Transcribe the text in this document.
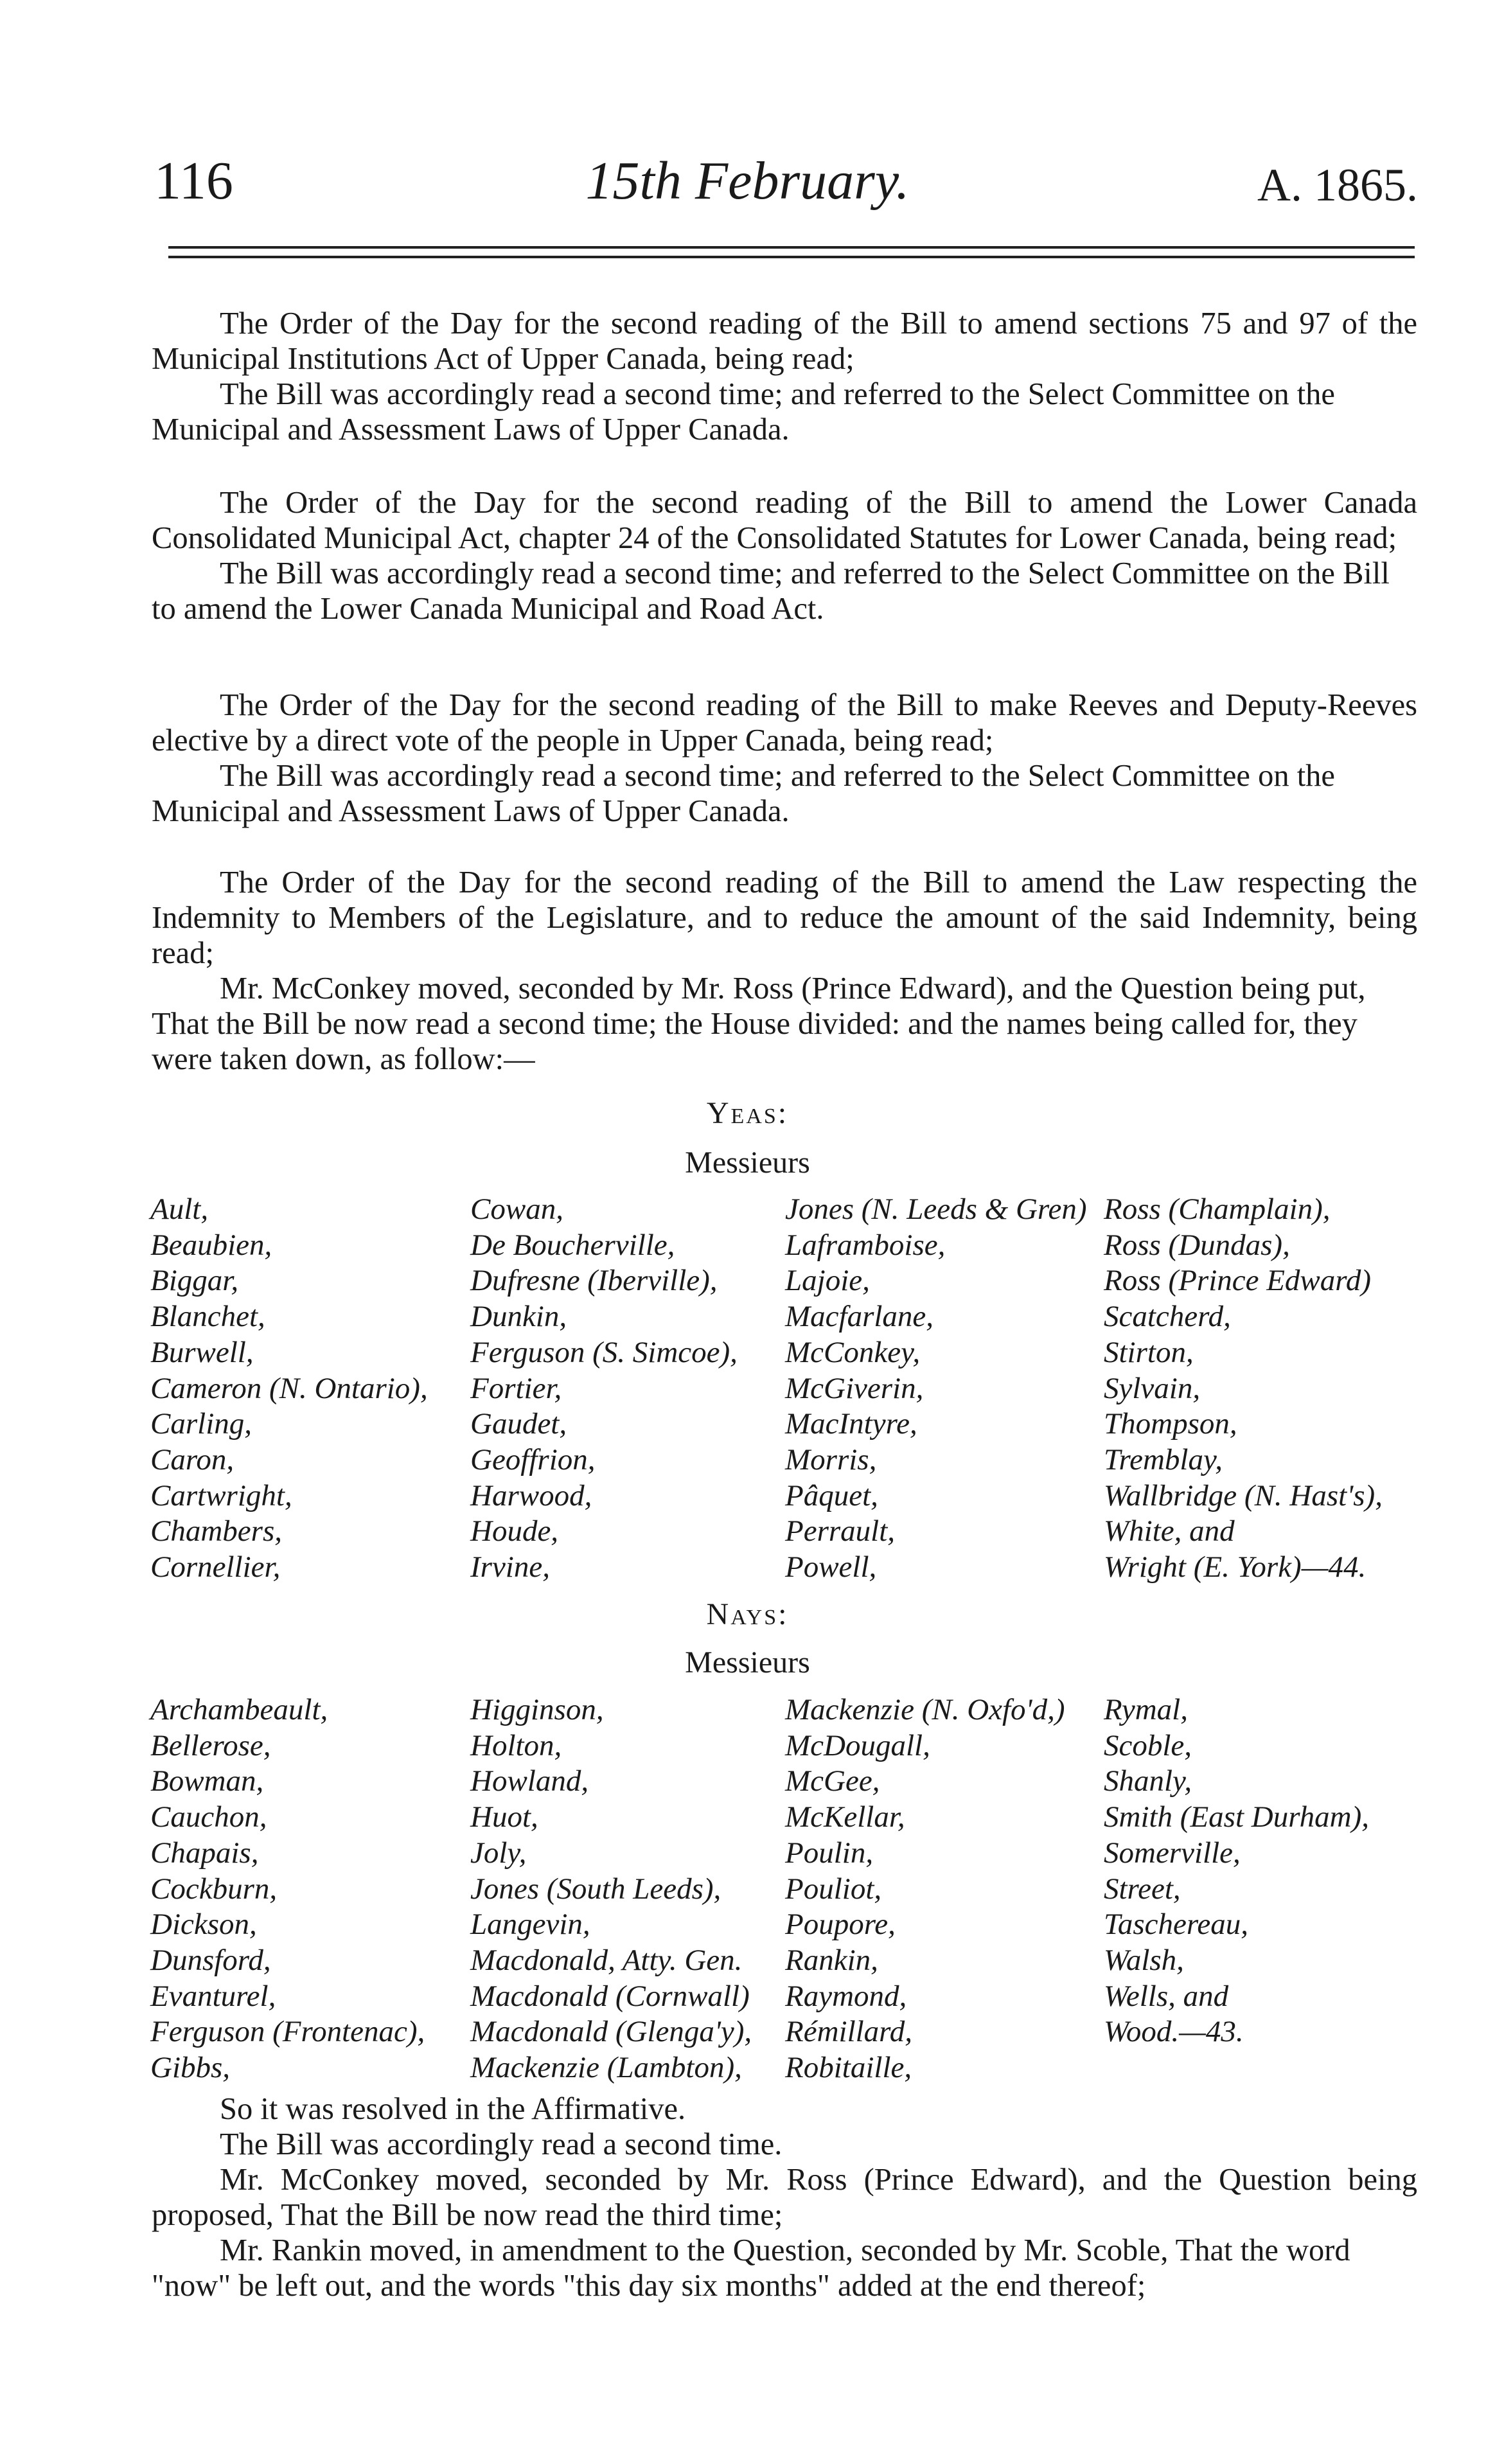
116	15th February.	A. 1865.

The Order of the Day for the second reading of the Bill to amend sections 75 and 97 of the Municipal Institutions Act of Upper Canada, being read;

The Bill was accordingly read a second time; and referred to the Select Committee on the Municipal and Assessment Laws of Upper Canada.

The Order of the Day for the second reading of the Bill to amend the Lower Canada Consolidated Municipal Act, chapter 24 of the Consolidated Statutes for Lower Canada, being read;

The Bill was accordingly read a second time; and referred to the Select Committee on the Bill to amend the Lower Canada Municipal and Road Act.

The Order of the Day for the second reading of the Bill to make Reeves and Deputy-Reeves elective by a direct vote of the people in Upper Canada, being read;

The Bill was accordingly read a second time; and referred to the Select Committee on the Municipal and Assessment Laws of Upper Canada.

The Order of the Day for the second reading of the Bill to amend the Law respecting the Indemnity to Members of the Legislature, and to reduce the amount of the said Indemnity, being read;

Mr. McConkey moved, seconded by Mr. Ross (Prince Edward), and the Question being put, That the Bill be now read a second time; the House divided: and the names being called for, they were taken down, as follow:—

Yeas:
Messieurs
Ault,
Beaubien,
Biggar,
Blanchet,
Burwell,
Cameron (N. Ontario),
Carling,
Caron,
Cartwright,
Chambers,
Cornellier,
Cowan,
De Boucherville,
Dufresne (Iberville),
Dunkin,
Ferguson (S. Simcoe),
Fortier,
Gaudet,
Geoffrion,
Harwood,
Houde,
Irvine,
Jones (N. Leeds & Gren)
Laframboise,
Lajoie,
Macfarlane,
McConkey,
McGiverin,
MacIntyre,
Morris,
Pâquet,
Perrault,
Powell,
Ross (Champlain),
Ross (Dundas),
Ross (Prince Edward)
Scatcherd,
Stirton,
Sylvain,
Thompson,
Tremblay,
Wallbridge (N. Hast's),
White, and
Wright (E. York)—44.
Nays:
Messieurs
Archambeault,
Bellerose,
Bowman,
Cauchon,
Chapais,
Cockburn,
Dickson,
Dunsford,
Evanturel,
Ferguson (Frontenac),
Gibbs,
Higginson,
Holton,
Howland,
Huot,
Joly,
Jones (South Leeds),
Langevin,
Macdonald, Atty. Gen.
Macdonald (Cornwall)
Macdonald (Glengа'y),
Mackenzie (Lambton),
Mackenzie (N. Oxfo'd,)
McDougall,
McGee,
McKellar,
Poulin,
Pouliot,
Poupore,
Rankin,
Raymond,
Rémillard,
Robitaille,
Rymal,
Scoble,
Shanly,
Smith (East Durham),
Somerville,
Street,
Taschereau,
Walsh,
Wells, and
Wood.—43.

So it was resolved in the Affirmative.

The Bill was accordingly read a second time.

Mr. McConkey moved, seconded by Mr. Ross (Prince Edward), and the Question being proposed, That the Bill be now read the third time;

Mr. Rankin moved, in amendment to the Question, seconded by Mr. Scoble, That the word "now" be left out, and the words "this day six months" added at the end thereof;
